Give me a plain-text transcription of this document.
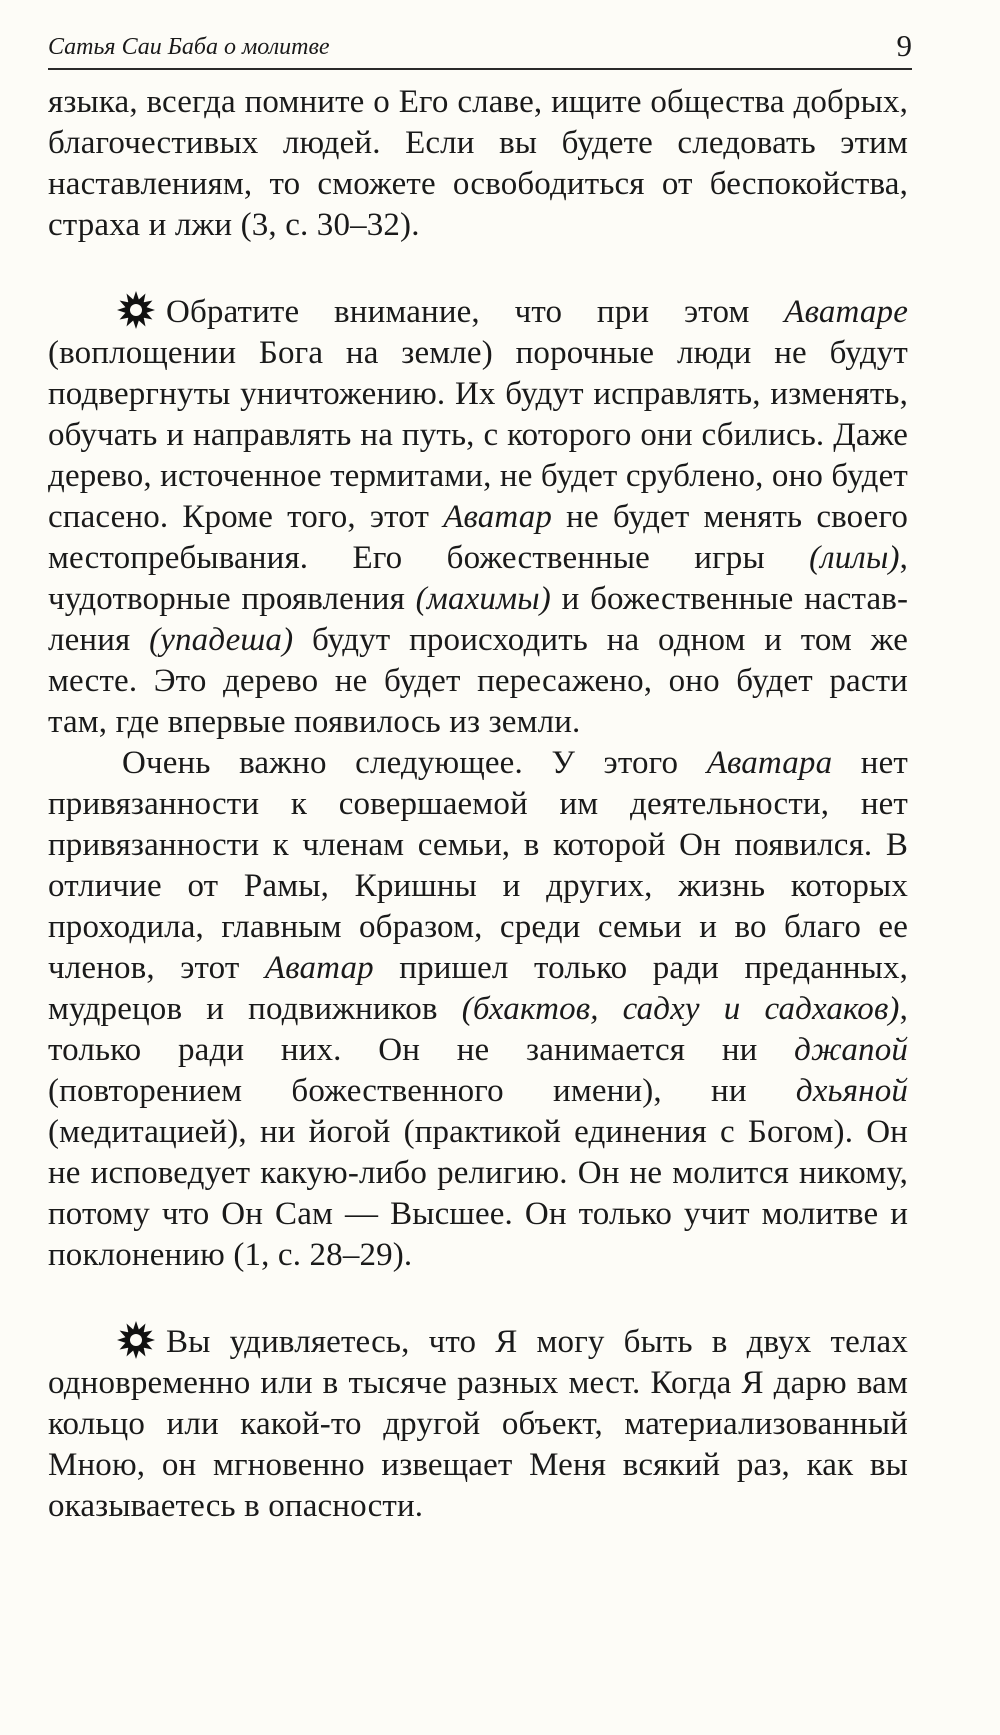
Сатья Саи Баба о молитве	9

языка, всегда помните о Его славе, ищите общества добрых, благочестивых людей. Если вы будете следовать этим наставлениям, то сможете освободиться от беспокойства, страха и лжи (3, с. 30–32).

Обратите внимание, что при этом Аватаре (воплощении Бога на земле) порочные люди не будут подвергнуты уничтожению. Их будут исправлять, изменять, обучать и направлять на путь, с которого они сбились. Даже дерево, источенное термитами, не будет срублено, оно будет спасено. Кроме того, этот Аватар не будет менять своего местопребывания. Его божественные игры (лилы), чудотворные проявления (махимы) и божественные наставления (упадеша) будут происходить на одном и том же месте. Это дерево не будет пересажено, оно будет расти там, где впервые появилось из земли.

Очень важно следующее. У этого Аватара нет привязанности к совершаемой им деятельности, нет привязанности к членам семьи, в которой Он появился. В отличие от Рамы, Кришны и других, жизнь которых проходила, главным образом, среди семьи и во благо ее членов, этот Аватар пришел только ради преданных, мудрецов и подвижников (бхактов, садху и садхаков), только ради них. Он не занимается ни джапой (повторением божественного имени), ни дхьяной (медитацией), ни йогой (практикой единения с Богом). Он не исповедует какую-либо религию. Он не молится никому, потому что Он Сам — Высшее. Он только учит молитве и поклонению (1, с. 28–29).

Вы удивляетесь, что Я могу быть в двух телах одновременно или в тысяче разных мест. Когда Я дарю вам кольцо или какой-то другой объект, материализованный Мною, он мгновенно извещает Меня всякий раз, как вы оказываетесь в опасности.
